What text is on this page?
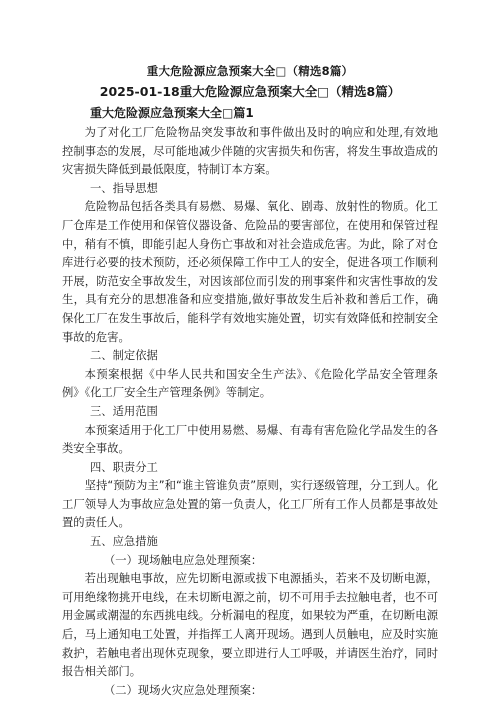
重大危险源应急预案大全□（精选8篇）
2025-01-18重大危险源应急预案大全□（精选8篇）
重大危险源应急预案大全□篇1

为了对化工厂危险物品突发事故和事件做出及时的响应和处理,有效地控制事态的发展，尽可能地减少伴随的灾害损失和伤害，将发生事故造成的灾害损失降低到最低限度，特制订本方案。

一、指导思想

危险物品包括各类具有易燃、易爆、氧化、剧毒、放射性的物质。化工厂仓库是工作使用和保管仪器设备、危险品的要害部位，在使用和保管过程中，稍有不慎，即能引起人身伤亡事故和对社会造成危害。为此，除了对仓库进行必要的技术预防，还必须保障工作中工人的安全，促进各项工作顺利开展，防范安全事故发生，对因该部位而引发的刑事案件和灾害性事故的发生，具有充分的思想准备和应变措施,做好事故发生后补救和善后工作，确保化工厂在发生事故后，能科学有效地实施处置，切实有效降低和控制安全事故的危害。

二、制定依据

本预案根据《中华人民共和国安全生产法》、《危险化学品安全管理条例》《化工厂安全生产管理条例》等制定。

三、适用范围

本预案适用于化工厂中使用易燃、易爆、有毒有害危险化学品发生的各类安全事故。

四、职责分工

坚持“预防为主”和“谁主管谁负责”原则，实行逐级管理，分工到人。化工厂领导人为事故应急处置的第一负责人，化工厂所有工作人员都是事故处置的责任人。

五、应急措施
（一）现场触电应急处理预案：

若出现触电事故，应先切断电源或拔下电源插头，若来不及切断电源，可用绝缘物挑开电线，在未切断电源之前，切不可用手去拉触电者，也不可用金属或潮湿的东西挑电线。分析漏电的程度，如果较为严重，在切断电源后，马上通知电工处置，并指挥工人离开现场。遇到人员触电，应及时实施救护，若触电者出现休克现象，要立即进行人工呼吸，并请医生治疗，同时报告相关部门。

（二）现场火灾应急处理预案：
